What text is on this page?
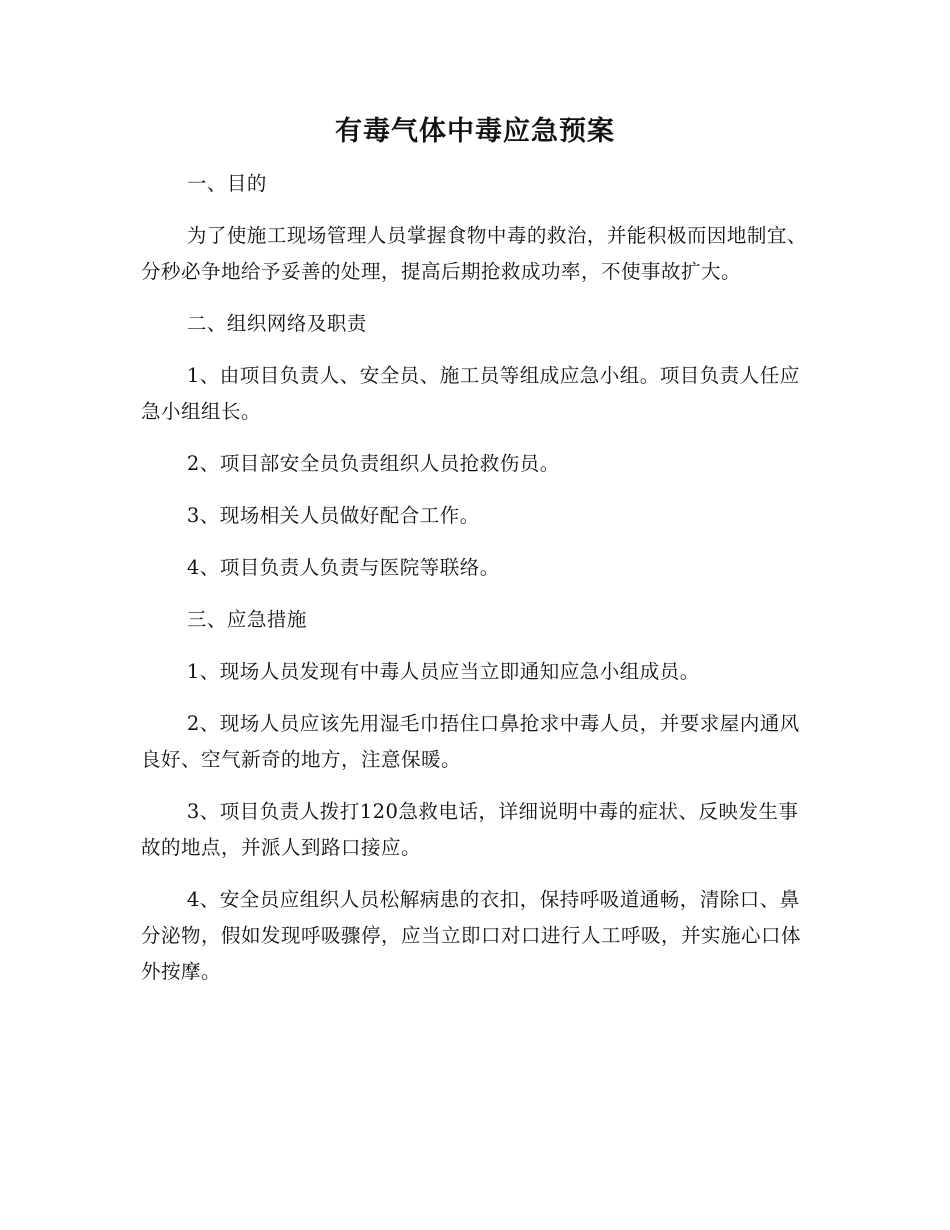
有毒气体中毒应急预案

一、目的

为了使施工现场管理人员掌握食物中毒的救治，并能积极而因地制宜、分秒必争地给予妥善的处理，提高后期抢救成功率，不使事故扩大。

二、组织网络及职责

1、由项目负责人、安全员、施工员等组成应急小组。项目负责人任应急小组组长。

2、项目部安全员负责组织人员抢救伤员。

3、现场相关人员做好配合工作。

4、项目负责人负责与医院等联络。

三、应急措施

1、现场人员发现有中毒人员应当立即通知应急小组成员。

2、现场人员应该先用湿毛巾捂住口鼻抢求中毒人员，并要求屋内通风良好、空气新奇的地方，注意保暖。

3、项目负责人拨打120急救电话，详细说明中毒的症状、反映发生事故的地点，并派人到路口接应。

4、安全员应组织人员松解病患的衣扣，保持呼吸道通畅，清除口、鼻分泌物，假如发现呼吸骤停，应当立即口对口进行人工呼吸，并实施心口体外按摩。
